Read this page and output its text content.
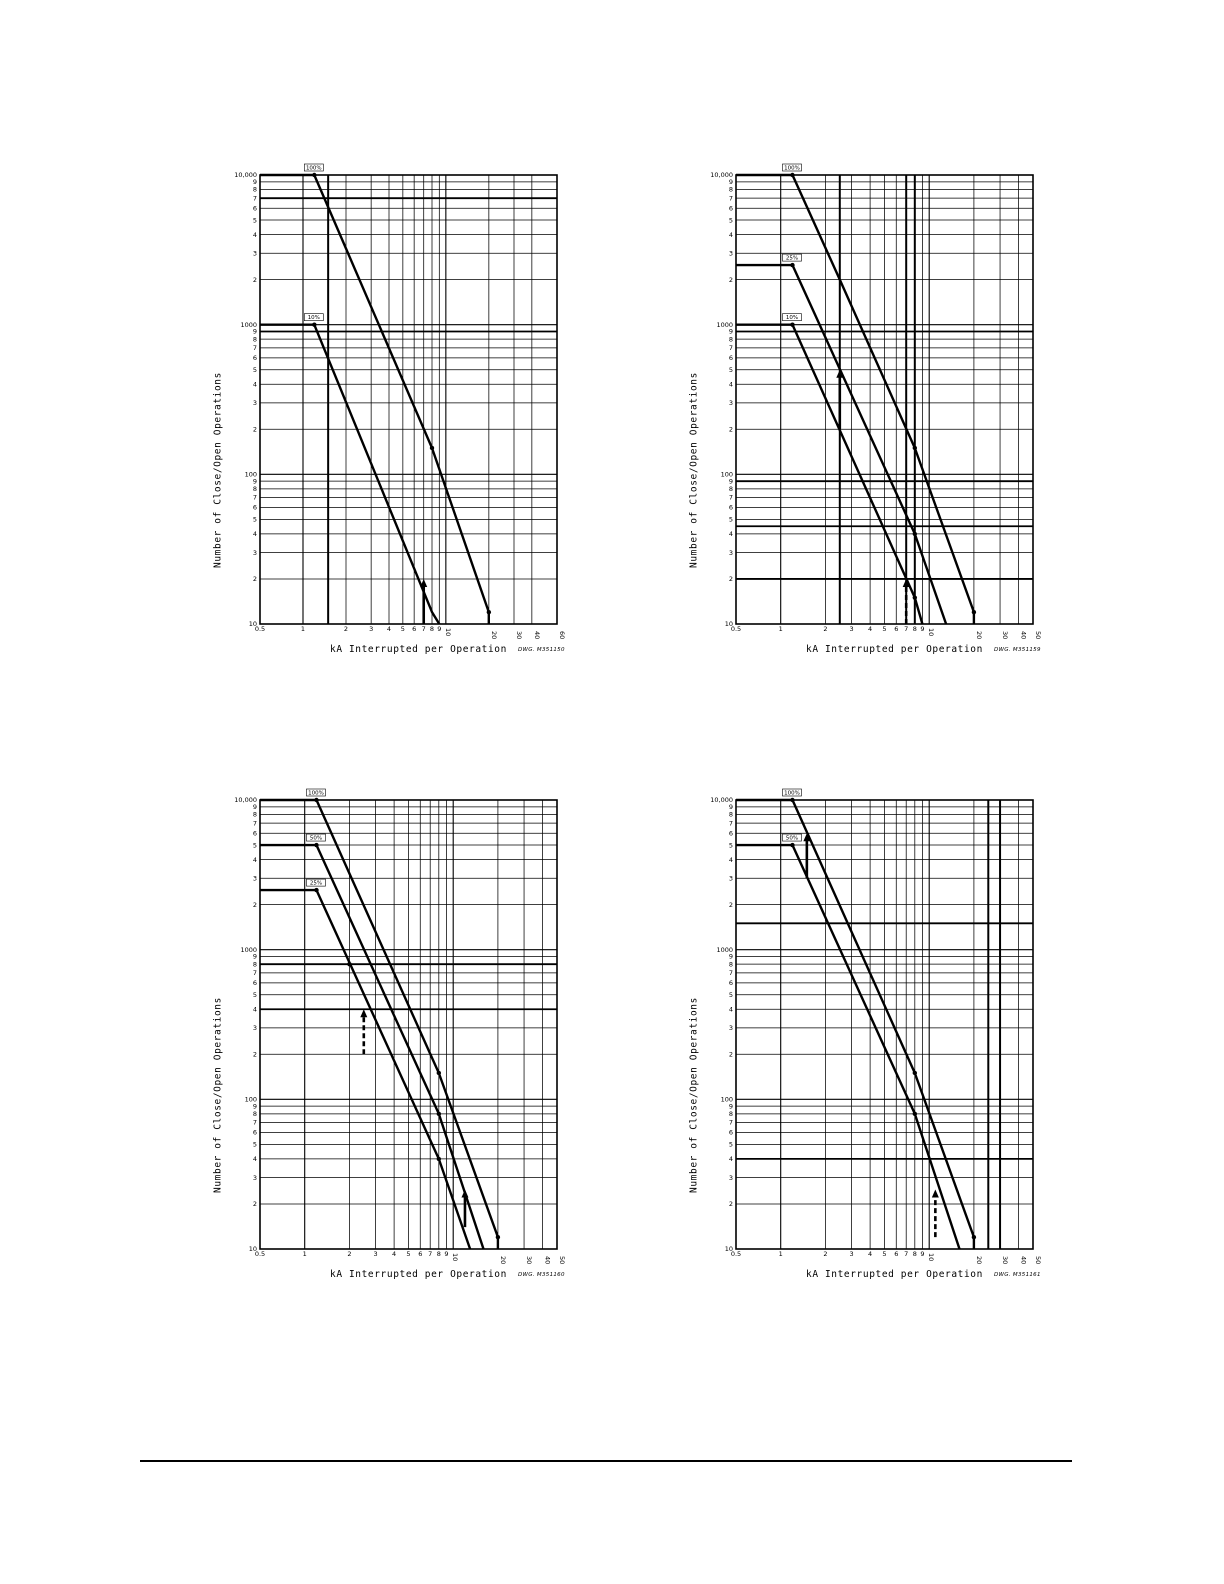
0.5	1	2	3 4 5 6 7 8 9 10	20	30 40	60
10
2
3
4
5
6
7
8
9
100
2
3
4
5
6
7
8
9
1000
2
3
4
5
6
7
8
9
10,000
100%
10%
Number of Close/Open Operations
kA Interrupted per Operation DWG. M351150
0.5	1	2	3 4 5 6 7 8 9 10	20	30 40 50
10
2
3
4
5
6
7
8
9
100
2
3
4
5
6
7
8
9
1000
2
3
4
5
6
7
8
9
10,000
100%
25%
10%
Number of Close/Open Operations
kA Interrupted per Operation DWG. M351159
0.5	1	2	3 4 5 6 7 8 9 10	20	30 40 50
10
2
3
4
5
6
7
8
9
100
2
3
4
5
6
7
8
9
1000
2
3
4
5
6
7
8
9
10,000
100%
50%
25%
Number of Close/Open Operations
kA Interrupted per Operation DWG. M351160
0.5	1	2	3 4 5 6 7 8 9 10	20	30 40 50
10
2
3
4
5
6
7
8
9
100
2
3
4
5
6
7
8
9
1000
2
3
4
5
6
7
8
9
10,000
100%
50%
Number of Close/Open Operations
kA Interrupted per Operation DWG. M351161
